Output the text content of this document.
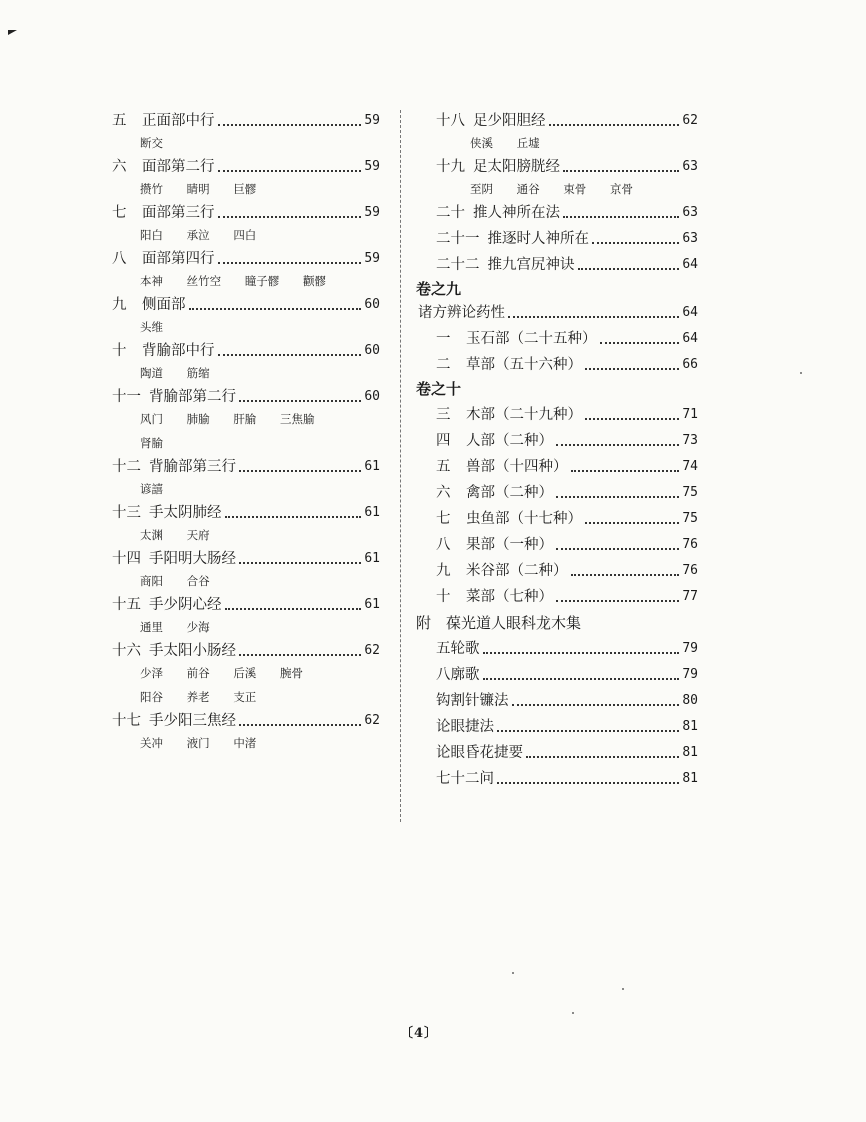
五	正面部中行	59
断交
六	面部第二行	59
攒竹 睛明 巨髎
七	面部第三行	59
阳白 承泣 四白
八	面部第四行	59
本神 丝竹空 瞳子髎 颧髎
九	侧面部	60
头维
十	背腧部中行	60
陶道 筋缩
十一 背腧部第二行	60
风门 肺腧 肝腧 三焦腧
肾腧
十二 背腧部第三行	61
谚譆
十三 手太阴肺经	61
太渊 天府
十四 手阳明大肠经	61
商阳 合谷
十五 手少阴心经	61
通里 少海
十六 手太阳小肠经	62
少泽 前谷 后溪 腕骨
阳谷 养老 支正
十七 手少阳三焦经	62
关冲 液门 中渚
十八 足少阳胆经	62
侠溪 丘墟
十九 足太阳膀胱经	63
至阴 通谷 束骨 京骨
二十 推人神所在法	63
二十一 推逐时人神所在	63
二十二 推九宫尻神诀	64
卷之九
诸方辨论药性	64
一	玉石部（二十五种）	64
二	草部（五十六种）	66
卷之十
三	木部（二十九种）	71
四	人部（二种）	73
五	兽部（十四种）	74
六	禽部（二种）	75
七	虫鱼部（十七种）	75
八	果部（一种）	76
九	米谷部（二种）	76
十	菜部（七种）	77
附　葆光道人眼科龙木集
五轮歌	79
八廓歌	79
钩割针镰法	80
论眼捷法	81
论眼昏花捷要	81
七十二问	81
〔4〕
